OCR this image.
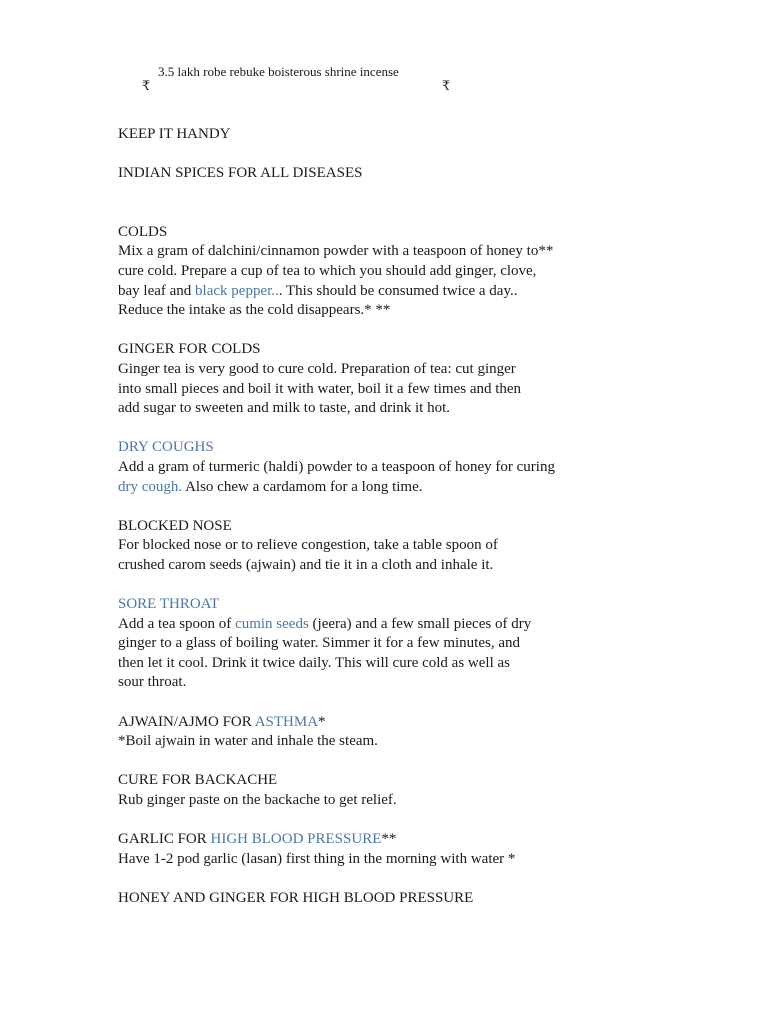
₹
3.5 lakh robe rebuke boisterous shrine incense
₹

KEEP IT HANDY

INDIAN SPICES FOR ALL DISEASES

COLDS

Mix a gram of dalchini/cinnamon powder with a teaspoon of honey to**

cure cold. Prepare a cup of tea to which you should add ginger, clove,

bay leaf and black pepper... This should be consumed twice a day..

Reduce the intake as the cold disappears.* **

GINGER FOR COLDS

Ginger tea is very good to cure cold. Preparation of tea: cut ginger

into small pieces and boil it with water, boil it a few times and then

add sugar to sweeten and milk to taste, and drink it hot.

DRY COUGHS

Add a gram of turmeric (haldi) powder to a teaspoon of honey for curing

dry cough. Also chew a cardamom for a long time.

BLOCKED NOSE

For blocked nose or to relieve congestion, take a table spoon of

crushed carom seeds (ajwain) and tie it in a cloth and inhale it.

SORE THROAT

Add a tea spoon of cumin seeds (jeera) and a few small pieces of dry

ginger to a glass of boiling water. Simmer it for a few minutes, and

then let it cool. Drink it twice daily. This will cure cold as well as

sour throat.

AJWAIN/AJMO FOR ASTHMA*

*Boil ajwain in water and inhale the steam.

CURE FOR BACKACHE

Rub ginger paste on the backache to get relief.

GARLIC FOR HIGH BLOOD PRESSURE**

Have 1-2 pod garlic (lasan) first thing in the morning with water *

HONEY AND GINGER FOR HIGH BLOOD PRESSURE
